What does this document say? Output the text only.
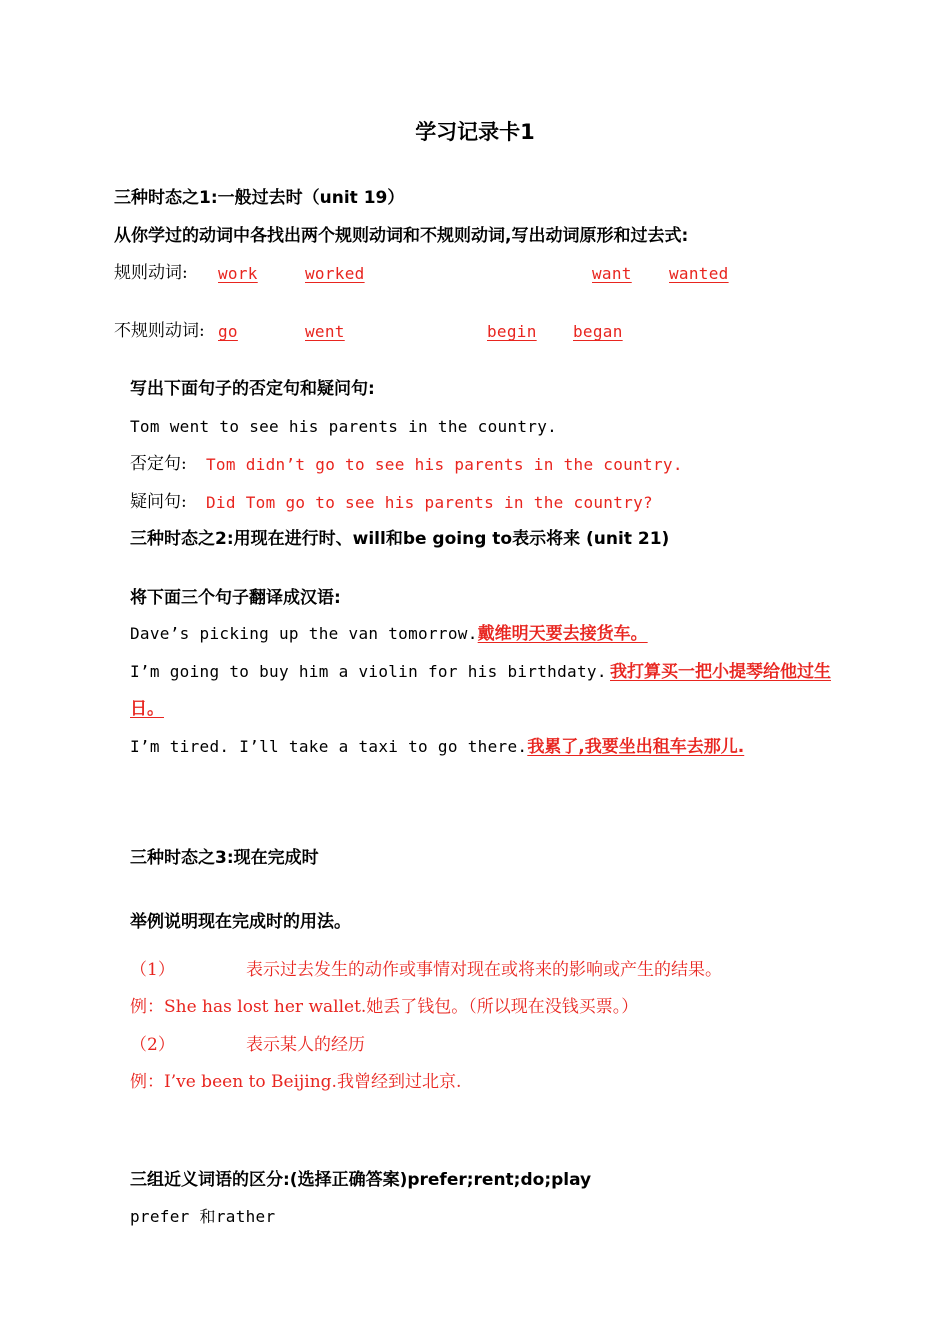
学习记录卡1
三种时态之1:一般过去时（unit 19）
从你学过的动词中各找出两个规则动词和不规则动词,写出动词原形和过去式:
规则动词: work	worked	want wanted
不规则动词: go	went	begin began
写出下面句子的否定句和疑问句:
Tom went to see his parents in the country.
否定句: Tom didn’t go to see his parents in the country.
疑问句: Did Tom go to see his parents in the country?
三种时态之2:用现在进行时、will和be going to表示将来 (unit 21)
将下面三个句子翻译成汉语:
Dave’s picking up the van tomorrow.戴维明天要去接货车。
I’m going to buy him a violin for his birthdaty. 我打算买一把小提琴给他过生
日。
I’m tired. I’ll take a taxi to go there.我累了,我要坐出租车去那儿.
三种时态之3:现在完成时
举例说明现在完成时的用法。
（1）	表示过去发生的动作或事情对现在或将来的影响或产生的结果。
例：She has lost her wallet.她丢了钱包。（所以现在没钱买票。）
（2）	表示某人的经历
例：I’ve been to Beijing.我曾经到过北京.
三组近义词语的区分:(选择正确答案)prefer;rent;do;play
prefer 和rather
